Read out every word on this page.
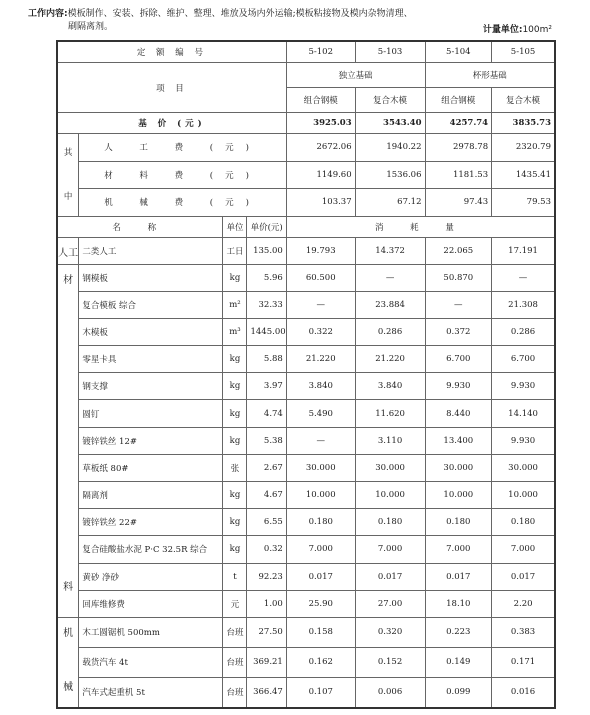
工作内容:模板制作、安装、拆除、维护、整理、堆放及场内外运输;模板粘接物及模内杂物清理、
刷隔离剂。	计量单位:100m²
定 额 编 号				5-102	5-103	5-104	5-105
项 目				独立基础		杯形基础	
				组合钢模	复合木模	组合钢模	复合木模
基 价 (元)				3925.03	3543.40	4257.74	3835.73

其
中	人 工 费 (元)			2672.06	1940.22	2978.78	2320.79
	材 料 费 (元)			1149.60	1536.06	1181.53	1435.41
	机 械 费 (元)			103.37	67.12	97.43	79.53
名 称		单位	单价(元)	消 耗 量			

人工	二类人工	工日	135.00	19.793	14.372	22.065	17.191

材
料	钢模板	kg	5.96	60.500	—	50.870	—
	复合模板 综合	m²	32.33	—	23.884	—	21.308
	木模板	m³	1445.00	0.322	0.286	0.372	0.286
	零星卡具	kg	5.88	21.220	21.220	6.700	6.700
	钢支撑	kg	3.97	3.840	3.840	9.930	9.930
	圆钉	kg	4.74	5.490	11.620	8.440	14.140
	镀锌铁丝 12#	kg	5.38	—	3.110	13.400	9.930
	草板纸 80#	张	2.67	30.000	30.000	30.000	30.000
	隔离剂	kg	4.67	10.000	10.000	10.000	10.000
	镀锌铁丝 22#	kg	6.55	0.180	0.180	0.180	0.180
	复合硅酸盐水泥 P·C 32.5R 综合	kg	0.32	7.000	7.000	7.000	7.000
	黄砂 净砂	t	92.23	0.017	0.017	0.017	0.017
	回库维修费	元	1.00	25.90	27.00	18.10	2.20

机
械	木工圆锯机 500mm	台班	27.50	0.158	0.320	0.223	0.383
	载货汽车 4t	台班	369.21	0.162	0.152	0.149	0.171
	汽车式起重机 5t	台班	366.47	0.107	0.006	0.099	0.016
